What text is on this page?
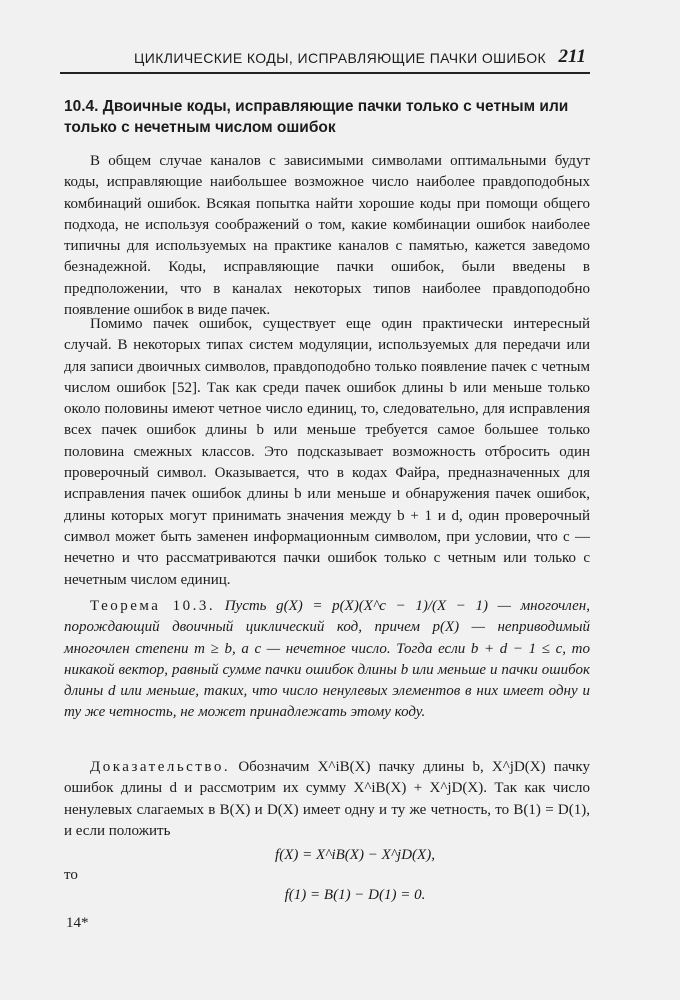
ЦИКЛИЧЕСКИЕ КОДЫ, ИСПРАВЛЯЮЩИЕ ПАЧКИ ОШИБОК 211
10.4. Двоичные коды, исправляющие пачки только с четным или только с нечетным числом ошибок

В общем случае каналов с зависимыми символами оптимальными будут коды, исправляющие наибольшее возможное число наиболее правдоподобных комбинаций ошибок. Всякая попытка найти хорошие коды при помощи общего подхода, не используя соображений о том, какие комбинации ошибок наиболее типичны для используемых на практике каналов с памятью, кажется заведомо безнадежной. Коды, исправляющие пачки ошибок, были введены в предположении, что в каналах некоторых типов наиболее правдоподобно появление ошибок в виде пачек.

Помимо пачек ошибок, существует еще один практически интересный случай. В некоторых типах систем модуляции, используемых для передачи или для записи двоичных символов, правдоподобно только появление пачек с четным числом ошибок [52]. Так как среди пачек ошибок длины b или меньше только около половины имеют четное число единиц, то, следовательно, для исправления всех пачек ошибок длины b или меньше требуется самое большее только половина смежных классов. Это подсказывает возможность отбросить один проверочный символ. Оказывается, что в кодах Файра, предназначенных для исправления пачек ошибок длины b или меньше и обнаружения пачек ошибок, длины которых могут принимать значения между b + 1 и d, один проверочный символ может быть заменен информационным символом, при условии, что c — нечетно и что рассматриваются пачки ошибок только с четным или только с нечетным числом единиц.

Теорема 10.3. Пусть g(X) = p(X)(X^c − 1)/(X − 1) — многочлен, порождающий двоичный циклический код, причем p(X) — неприводимый многочлен степени m ≥ b, а c — нечетное число. Тогда если b + d − 1 ≤ c, то никакой вектор, равный сумме пачки ошибок длины b или меньше и пачки ошибок длины d или меньше, таких, что число ненулевых элементов в них имеет одну и ту же четность, не может принадлежать этому коду.

Доказательство. Обозначим X^iB(X) пачку длины b, X^jD(X) пачку ошибок длины d и рассмотрим их сумму X^iB(X) + X^jD(X). Так как число ненулевых слагаемых в B(X) и D(X) имеет одну и ту же четность, то B(1) = D(1), и если положить

f(X) = X^iB(X) − X^jD(X),
то
f(1) = B(1) − D(1) = 0.
14*
